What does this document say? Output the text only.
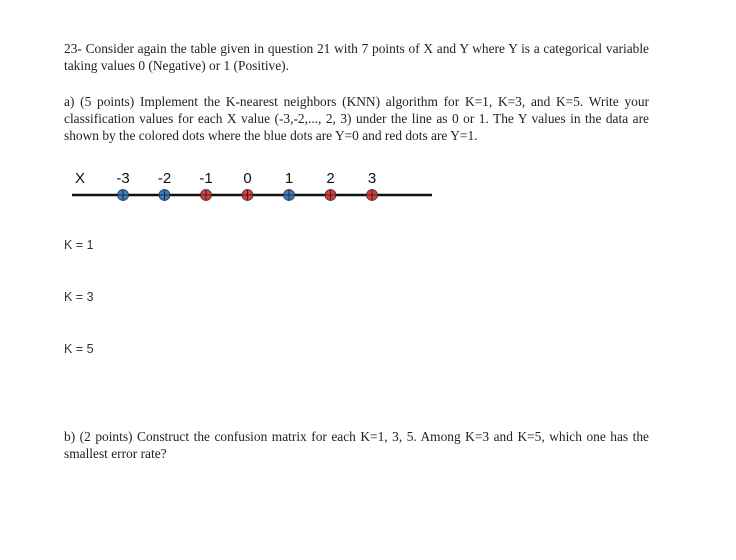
23- Consider again the table given in question 21 with 7 points of X and Y where Y is a categorical variable taking values 0 (Negative) or 1 (Positive).

a) (5 points) Implement the K-nearest neighbors (KNN) algorithm for K=1, K=3, and K=5. Write your classification values for each X value (-3,-2,..., 2, 3) under the line as 0 or 1. The Y values in the data are shown by the colored dots where the blue dots are Y=0 and red dots are Y=1.

X -3 -2 -1 0 1 2 3
K = 1
K = 3
K = 5

b) (2 points) Construct the confusion matrix for each K=1, 3, 5. Among K=3 and K=5, which one has the smallest error rate?
